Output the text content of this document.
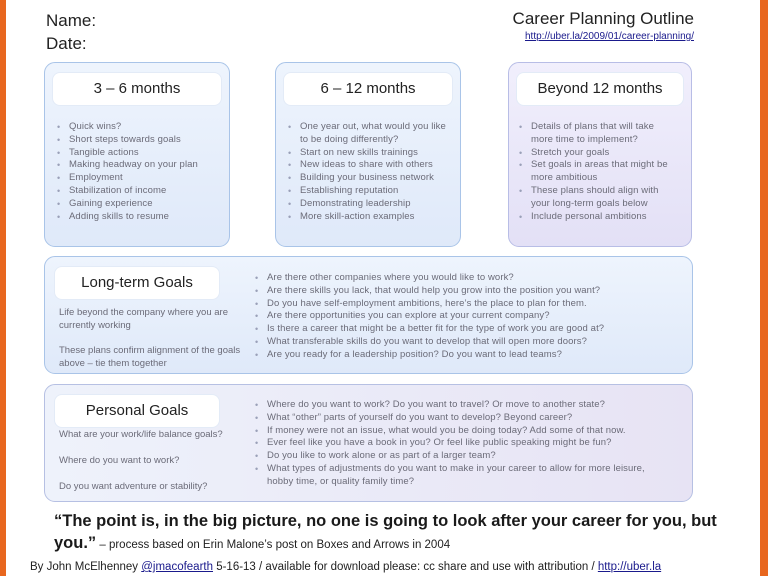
Name:
Date:
Career Planning Outline
http://uber.la/2009/01/career-planning/
3 – 6 months
• Quick wins?
• Short steps towards goals
• Tangible actions
• Making headway on your plan
• Employment
• Stabilization of income
• Gaining experience
• Adding skills to resume
6 – 12 months
• One year out, what would you like to be doing differently?
• Start on new skills trainings
• New ideas to share with others
• Building your business network
• Establishing reputation
• Demonstrating leadership
• More skill-action examples
Beyond 12 months
• Details of plans that will take more time to implement?
• Stretch your goals
• Set goals in areas that might be more ambitious
• These plans should align with your long-term goals below
• Include personal ambitions
Long-term Goals
Life beyond the company where you are currently working
These plans confirm alignment of the goals above – tie them together
• Are there other companies where you would like to work?
• Are there skills you lack, that would help you grow into the position you want?
• Do you have self-employment ambitions, here’s the place to plan for them.
• Are there opportunities you can explore at your current company?
• Is there a career that might be a better fit for the type of work you are good at?
• What transferable skills do you want to develop that will open more doors?
• Are you ready for a leadership position? Do you want to lead teams?
Personal Goals
What are your work/life balance goals?
Where do you want to work?
Do you want adventure or stability?
• Where do you want to work? Do you want to travel? Or move to another state?
• What “other” parts of yourself do you want to develop? Beyond career?
• If money were not an issue, what would you be doing today? Add some of that now.
• Ever feel like you have a book in you? Or feel like public speaking might be fun?
• Do you like to work alone or as part of a larger team?
• What types of adjustments do you want to make in your career to allow for more leisure, hobby time, or quality family time?
“The point is, in the big picture, no one is going to look after your career for you, but you.” – process based on Erin Malone’s post on Boxes and Arrows in 2004
By John McElhenney @jmacofearth 5-16-13 / available for download please: cc share and use with attribution / http://uber.la
